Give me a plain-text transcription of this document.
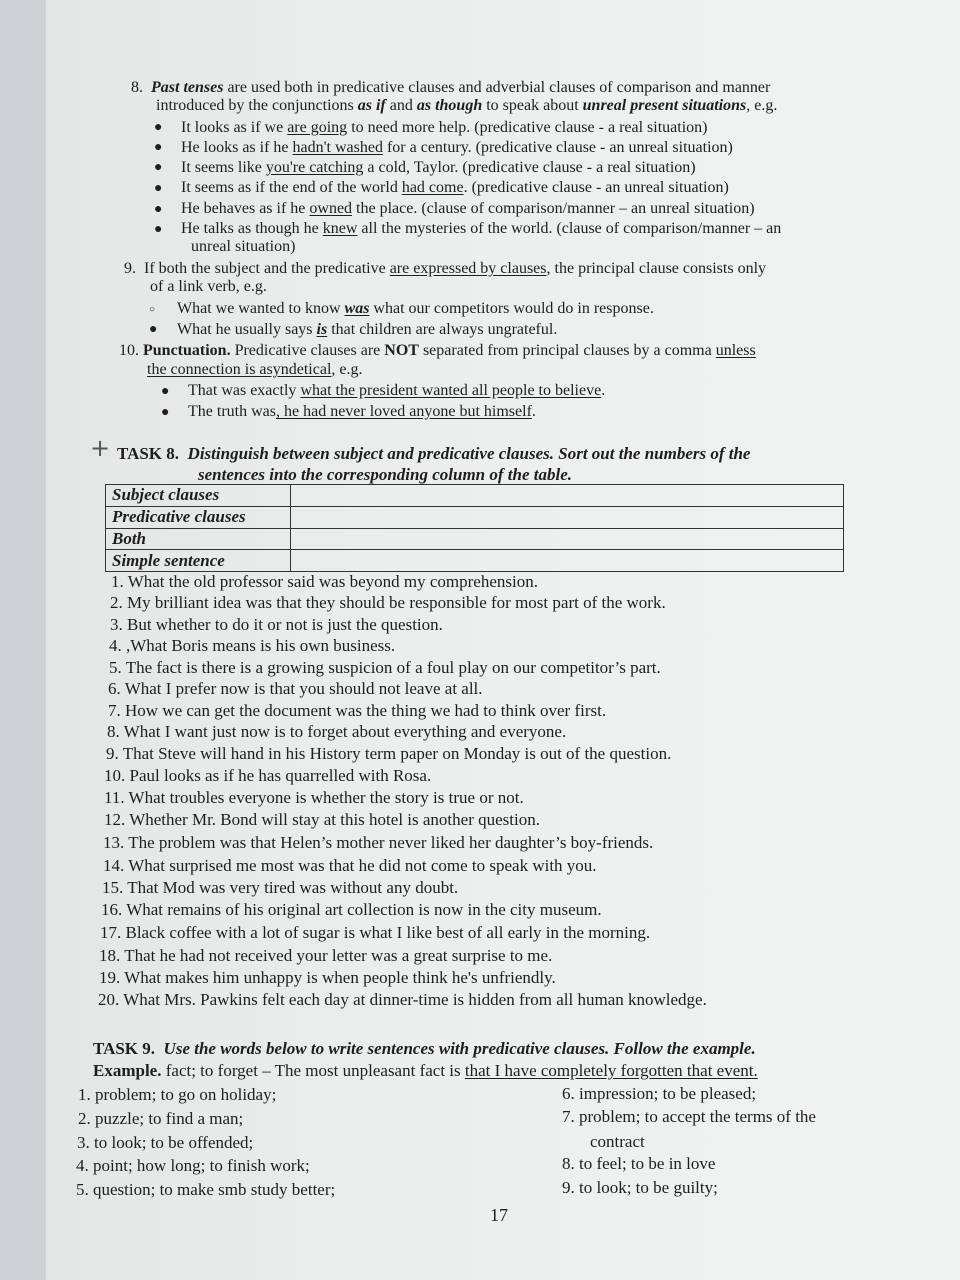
8. Past tenses are used both in predicative clauses and adverbial clauses of comparison and manner
introduced by the conjunctions as if and as though to speak about unreal present situations, e.g.
● It looks as if we are going to need more help. (predicative clause - a real situation)
● He looks as if he hadn't washed for a century. (predicative clause - an unreal situation)
● It seems like you're catching a cold, Taylor. (predicative clause - a real situation)
● It seems as if the end of the world had come. (predicative clause - an unreal situation)
● He behaves as if he owned the place. (clause of comparison/manner – an unreal situation)
● He talks as though he knew all the mysteries of the world. (clause of comparison/manner – an
unreal situation)
9. If both the subject and the predicative are expressed by clauses, the principal clause consists only
of a link verb, e.g.
○ What we wanted to know was what our competitors would do in response.
● What he usually says is that children are always ungrateful.
10. Punctuation. Predicative clauses are NOT separated from principal clauses by a comma unless
the connection is asyndetical, e.g.
● That was exactly what the president wanted all people to believe.
● The truth was, he had never loved anyone but himself.
+ TASK 8. Distinguish between subject and predicative clauses. Sort out the numbers of the
sentences into the corresponding column of the table.
Subject clauses	
Predicative clauses	
Both	
Simple sentence	
1. What the old professor said was beyond my comprehension.
2. My brilliant idea was that they should be responsible for most part of the work.
3. But whether to do it or not is just the question.
4. ,What Boris means is his own business.
5. The fact is there is a growing suspicion of a foul play on our competitor’s part.
6. What I prefer now is that you should not leave at all.
7. How we can get the document was the thing we had to think over first.
8. What I want just now is to forget about everything and everyone.
9. That Steve will hand in his History term paper on Monday is out of the question.
10. Paul looks as if he has quarrelled with Rosa.
11. What troubles everyone is whether the story is true or not.
12. Whether Mr. Bond will stay at this hotel is another question.
13. The problem was that Helen’s mother never liked her daughter’s boy-friends.
14. What surprised me most was that he did not come to speak with you.
15. That Mod was very tired was without any doubt.
16. What remains of his original art collection is now in the city museum.
17. Black coffee with a lot of sugar is what I like best of all early in the morning.
18. That he had not received your letter was a great surprise to me.
19. What makes him unhappy is when people think he's unfriendly.
20. What Mrs. Pawkins felt each day at dinner-time is hidden from all human knowledge.
TASK 9. Use the words below to write sentences with predicative clauses. Follow the example.
Example. fact; to forget – The most unpleasant fact is that I have completely forgotten that event.
1. problem; to go on holiday;
2. puzzle; to find a man;
3. to look; to be offended;
4. point; how long; to finish work;
5. question; to make smb study better;
6. impression; to be pleased;
7. problem; to accept the terms of the
contract
8. to feel; to be in love
9. to look; to be guilty;
17
